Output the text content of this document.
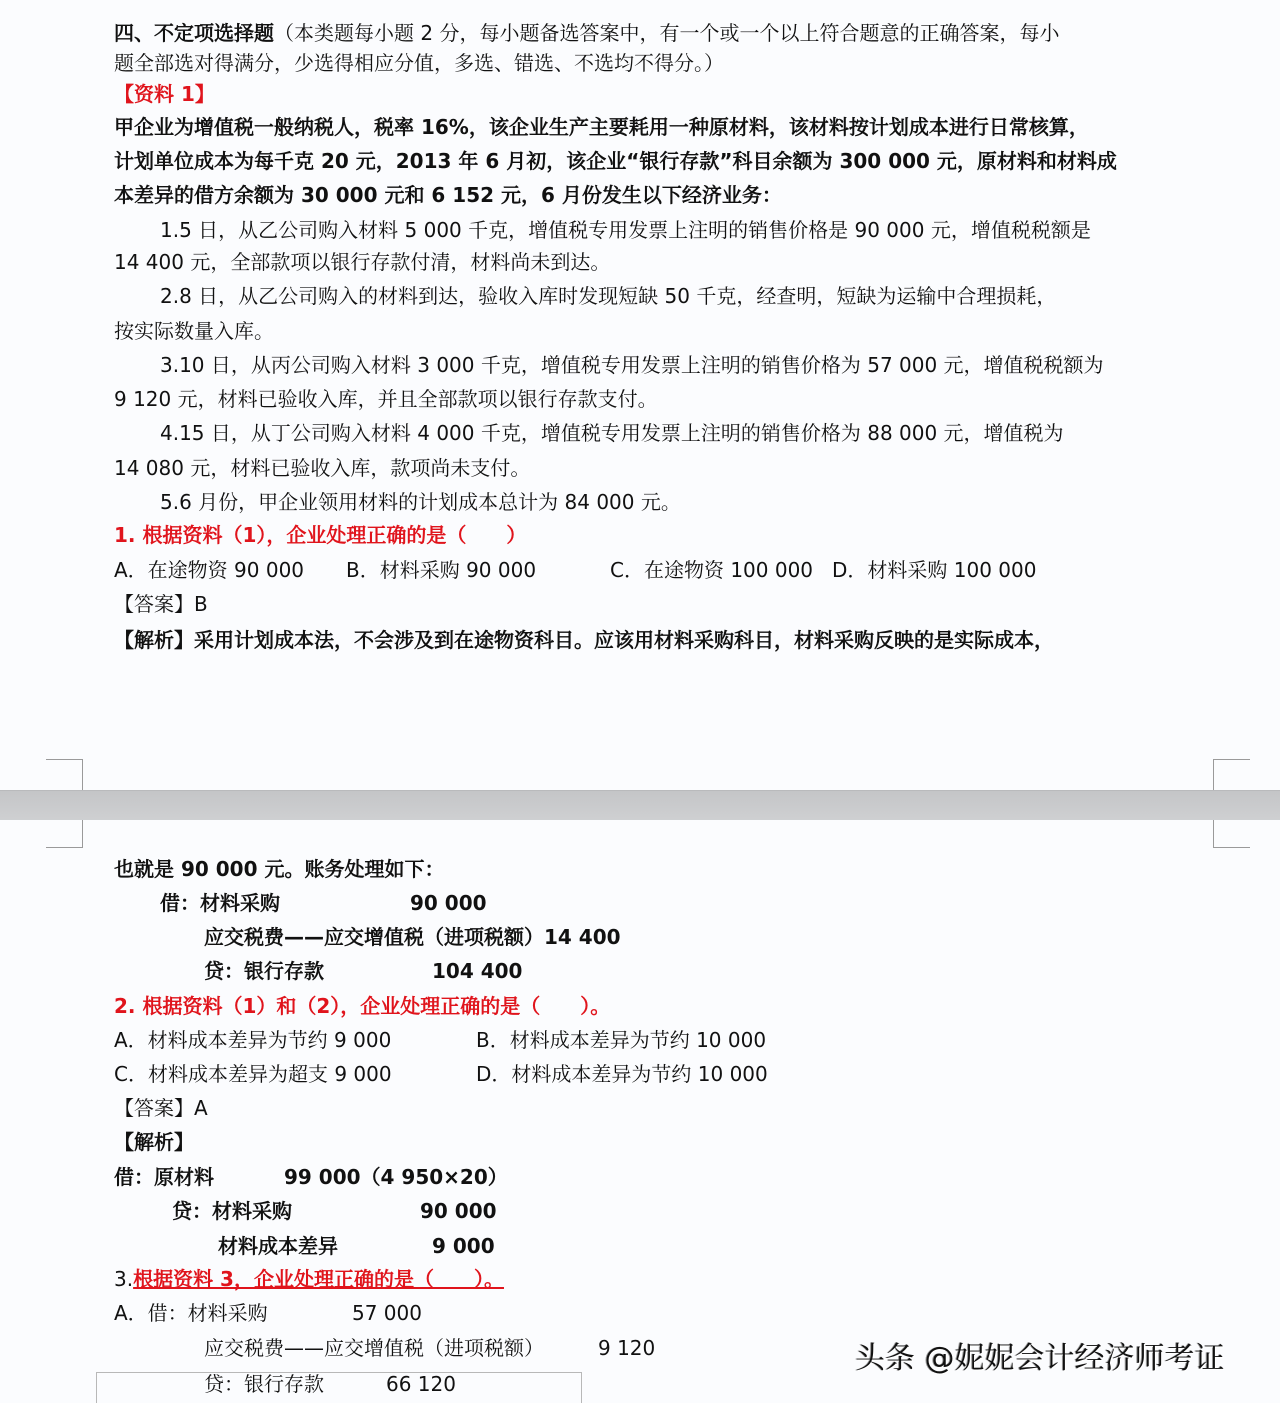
四、不定项选择题（本类题每小题 2 分，每小题备选答案中，有一个或一个以上符合题意的正确答案，每小
题全部选对得满分，少选得相应分值，多选、错选、不选均不得分。）
【资料 1】
甲企业为增值税一般纳税人，税率 16%，该企业生产主要耗用一种原材料，该材料按计划成本进行日常核算，
计划单位成本为每千克 20 元，2013 年 6 月初，该企业“银行存款”科目余额为 300 000 元，原材料和材料成
本差异的借方余额为 30 000 元和 6 152 元，6 月份发生以下经济业务：
1.5 日，从乙公司购入材料 5 000 千克，增值税专用发票上注明的销售价格是 90 000 元，增值税税额是
14 400 元，全部款项以银行存款付清，材料尚未到达。
2.8 日，从乙公司购入的材料到达，验收入库时发现短缺 50 千克，经查明，短缺为运输中合理损耗，
按实际数量入库。
3.10 日，从丙公司购入材料 3 000 千克，增值税专用发票上注明的销售价格为 57 000 元，增值税税额为
9 120 元，材料已验收入库，并且全部款项以银行存款支付。
4.15 日，从丁公司购入材料 4 000 千克，增值税专用发票上注明的销售价格为 88 000 元，增值税为
14 080 元，材料已验收入库，款项尚未支付。
5.6 月份，甲企业领用材料的计划成本总计为 84 000 元。
1. 根据资料（1），企业处理正确的是（　　）
A．在途物资 90 000 B．材料采购 90 000	C．在途物资 100 000 D．材料采购 100 000
【答案】B
【解析】采用计划成本法，不会涉及到在途物资科目。应该用材料采购科目，材料采购反映的是实际成本，
也就是 90 000 元。账务处理如下：
借：材料采购	90 000
应交税费——应交增值税（进项税额）14 400
贷：银行存款	104 400
2. 根据资料（1）和（2），企业处理正确的是（　　）。
A．材料成本差异为节约 9 000	B．材料成本差异为节约 10 000
C．材料成本差异为超支 9 000	D．材料成本差异为节约 10 000
【答案】A
【解析】
借：原材料	99 000（4 950×20）
贷：材料采购	90 000
材料成本差异	9 000
3.根据资料 3，企业处理正确的是（　　）。
A．借：材料采购	57 000
应交税费——应交增值税（进项税额）	9 120
贷：银行存款	66 120
头条 @妮妮会计经济师考证
